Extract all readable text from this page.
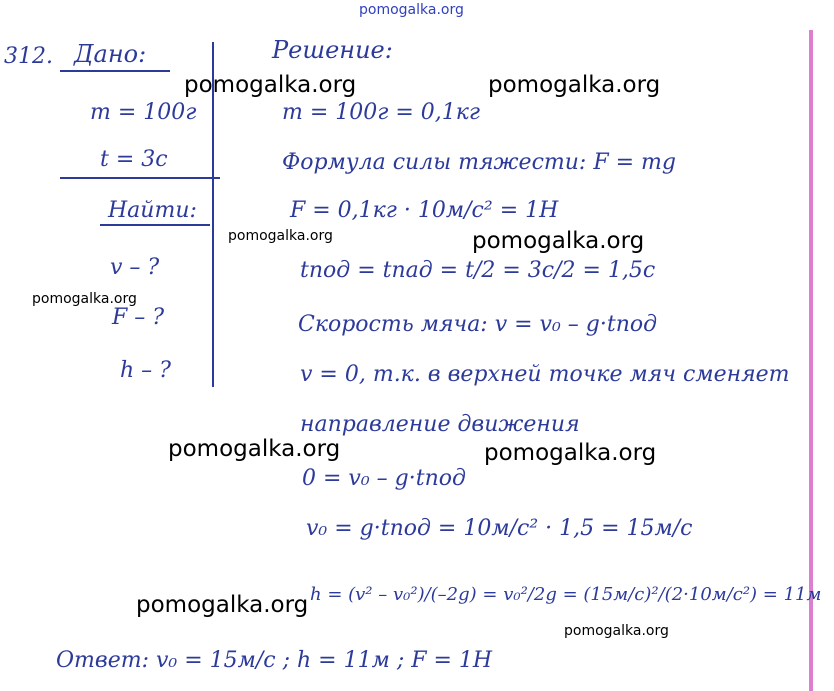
pomogalka.org
312. Дано:
m = 100г
t = 3с
Найти:
v – ?
F – ?
h – ?
Решение:
m = 100г = 0,1кг
Формула силы тяжести: F = mg
F = 0,1кг · 10м/с² = 1Н
tпод = tпад = t/2 = 3с/2 = 1,5с
Скорость мяча: v = v₀ – g·tпод
v = 0, т.к. в верхней точке мяч сменяет
направление движения
0 = v₀ – g·tпод
v₀ = g·tпод = 10м/с² · 1,5 = 15м/с
h = (v² – v₀²)/(–2g) = v₀²/2g = (15м/с)²/(2·10м/с²) = 11м
Ответ: v₀ = 15м/с ; h = 11м ; F = 1Н
pomogalka.org	pomogalka.org
pomogalka.org	pomogalka.org
pomogalka.org
pomogalka.org	pomogalka.org
pomogalka.org
pomogalka.org
